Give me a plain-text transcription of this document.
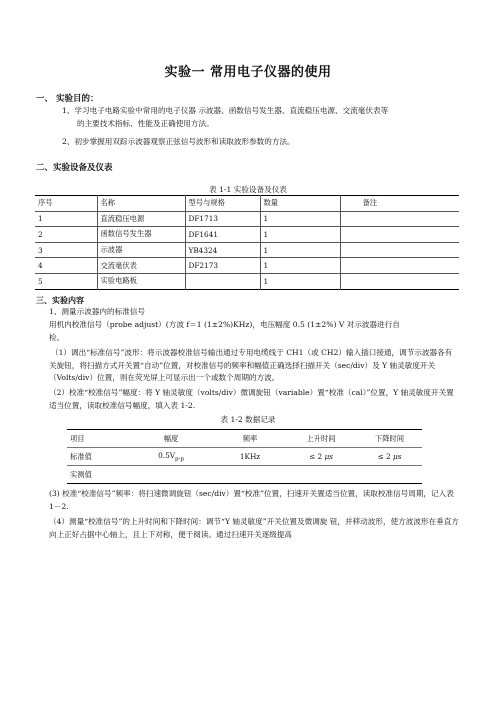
实验一 常用电子仪器的使用
一、 实验目的：
1、学习电子电路实验中常用的电子仪器 示波器、函数信号发生器、直流稳压电源、交流毫伏表等
的主要技术指标、性能及正确使用方法。
2、初步掌握用双踪示波器观察正弦信号波形和读取波形参数的方法。
二、实验设备及仪表
表 1-1 实验设备及仪表
序号	名称	型号与规格	数量	备注
1	直流稳压电源	DF1713	1	
2	函数信号发生器	DF1641	1	
3	示波器	YB4324	1	
4	交流毫伏表	DF2173	1	
5	实验电路板		1	
三、实验内容
1、测量示波器内的标准信号
用机内校准信号（probe adjust）(方波 f＝1 (1±2%)KHz)，电压幅度 0.5 (1±2%) V 对示波器进行自
检。
（1）调出“标准信号”波形：将示波器校准信号输出通过专用电缆线于 CH1（或 CH2）输入插口接通，调节示波器各有关旋钮，将扫描方式开关置“自动”位置，对校准信号的频率和幅值正确选择扫描开关（sec/div）及 Y 轴灵敏度开关（Volts/div）位置，则在荧光屏上可显示出一个或数个周期的方波。
（2）校准“校准信号”幅度：将 Y 轴灵敏度（volts/div）微调旋钮（variable）置“校准（cal）”位置，Y 轴灵敏度开关置适当位置，读取校准信号幅度，填入表 1-2.
表 1-2 数据记录
项目	幅度	频率	上升时间	下降时间
标准值	$0.5V_{p-p}$	1KHz	≤ 2 μs	≤ 2 μs
实测值				
(3) 校准“校准信号”频率：将扫速微调旋钮（sec/div）置“校准”位置，扫速开关置适当位置，读取校准信号周期，记入表 1－2.
（4）测量“校准信号”的上升时间和下降时间：调节“Y 轴灵敏度”开关位置及微调旋 钮，并移动波形，使方波波形在垂直方向上正好占据中心轴上，且上下对称，便于阅读。通过扫速开关逐级提高
